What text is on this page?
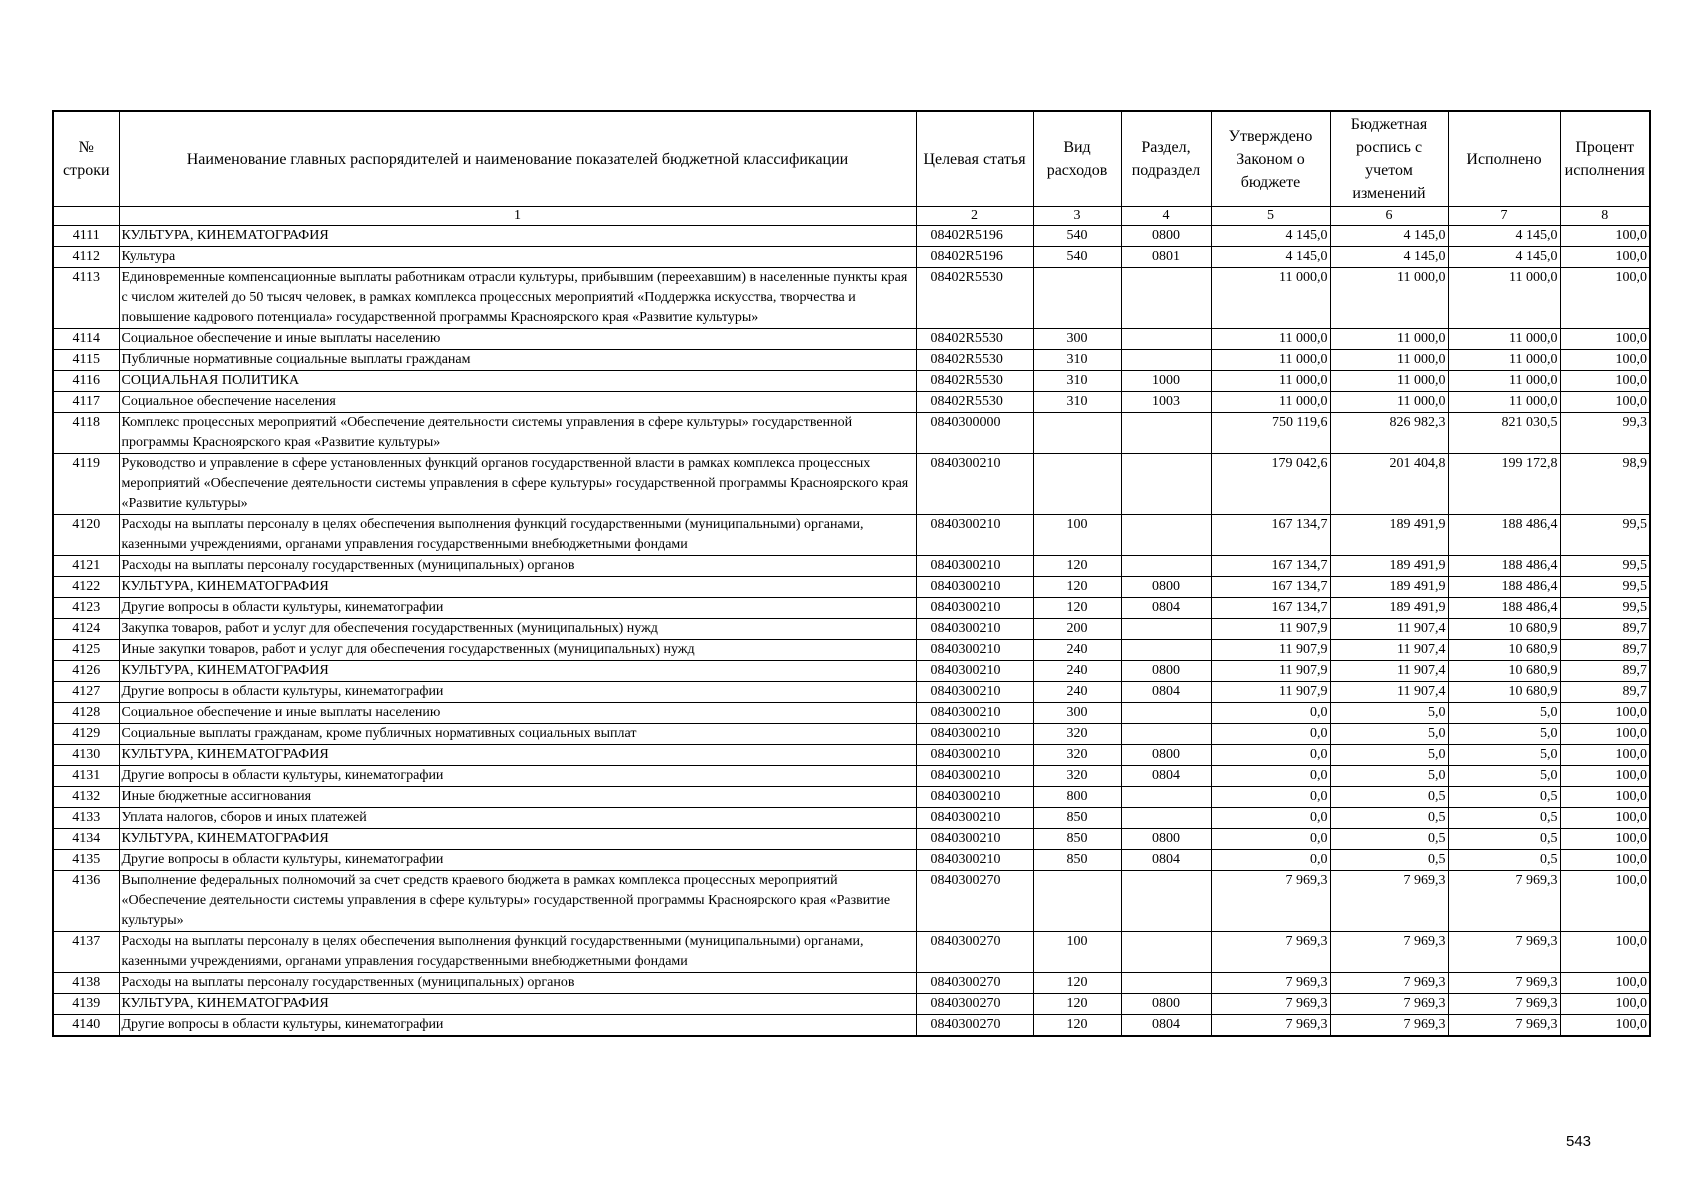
№ строки	Наименование главных распорядителей и наименование показателей бюджетной классификации	Целевая статья	Вид расходов	Раздел, подраздел	Утверждено Законом о бюджете	Бюджетная роспись с учетом изменений	Исполнено	Процент исполнения
	1	2	3	4	5	6	7	8
4111	КУЛЬТУРА, КИНЕМАТОГРАФИЯ	08402R5196	540	0800	4 145,0	4 145,0	4 145,0	100,0
4112	Культура	08402R5196	540	0801	4 145,0	4 145,0	4 145,0	100,0
4113	Единовременные компенсационные выплаты работникам отрасли культуры, прибывшим (переехавшим) в населенные пункты края с числом жителей до 50 тысяч человек, в рамках комплекса процессных мероприятий «Поддержка искусства, творчества и повышение кадрового потенциала» государственной программы Красноярского края «Развитие культуры»	08402R5530			11 000,0	11 000,0	11 000,0	100,0
4114	Социальное обеспечение и иные выплаты населению	08402R5530	300		11 000,0	11 000,0	11 000,0	100,0
4115	Публичные нормативные социальные выплаты гражданам	08402R5530	310		11 000,0	11 000,0	11 000,0	100,0
4116	СОЦИАЛЬНАЯ ПОЛИТИКА	08402R5530	310	1000	11 000,0	11 000,0	11 000,0	100,0
4117	Социальное обеспечение населения	08402R5530	310	1003	11 000,0	11 000,0	11 000,0	100,0
4118	Комплекс процессных мероприятий «Обеспечение деятельности системы управления в сфере культуры» государственной программы Красноярского края «Развитие культуры»	0840300000			750 119,6	826 982,3	821 030,5	99,3
4119	Руководство и управление в сфере установленных функций органов государственной власти в рамках комплекса процессных мероприятий «Обеспечение деятельности системы управления в сфере культуры» государственной программы Красноярского края «Развитие культуры»	0840300210			179 042,6	201 404,8	199 172,8	98,9
4120	Расходы на выплаты персоналу в целях обеспечения выполнения функций государственными (муниципальными) органами, казенными учреждениями, органами управления государственными внебюджетными фондами	0840300210	100		167 134,7	189 491,9	188 486,4	99,5
4121	Расходы на выплаты персоналу государственных (муниципальных) органов	0840300210	120		167 134,7	189 491,9	188 486,4	99,5
4122	КУЛЬТУРА, КИНЕМАТОГРАФИЯ	0840300210	120	0800	167 134,7	189 491,9	188 486,4	99,5
4123	Другие вопросы в области культуры, кинематографии	0840300210	120	0804	167 134,7	189 491,9	188 486,4	99,5
4124	Закупка товаров, работ и услуг для обеспечения государственных (муниципальных) нужд	0840300210	200		11 907,9	11 907,4	10 680,9	89,7
4125	Иные закупки товаров, работ и услуг для обеспечения государственных (муниципальных) нужд	0840300210	240		11 907,9	11 907,4	10 680,9	89,7
4126	КУЛЬТУРА, КИНЕМАТОГРАФИЯ	0840300210	240	0800	11 907,9	11 907,4	10 680,9	89,7
4127	Другие вопросы в области культуры, кинематографии	0840300210	240	0804	11 907,9	11 907,4	10 680,9	89,7
4128	Социальное обеспечение и иные выплаты населению	0840300210	300		0,0	5,0	5,0	100,0
4129	Социальные выплаты гражданам, кроме публичных нормативных социальных выплат	0840300210	320		0,0	5,0	5,0	100,0
4130	КУЛЬТУРА, КИНЕМАТОГРАФИЯ	0840300210	320	0800	0,0	5,0	5,0	100,0
4131	Другие вопросы в области культуры, кинематографии	0840300210	320	0804	0,0	5,0	5,0	100,0
4132	Иные бюджетные ассигнования	0840300210	800		0,0	0,5	0,5	100,0
4133	Уплата налогов, сборов и иных платежей	0840300210	850		0,0	0,5	0,5	100,0
4134	КУЛЬТУРА, КИНЕМАТОГРАФИЯ	0840300210	850	0800	0,0	0,5	0,5	100,0
4135	Другие вопросы в области культуры, кинематографии	0840300210	850	0804	0,0	0,5	0,5	100,0
4136	Выполнение федеральных полномочий за счет средств краевого бюджета в рамках комплекса процессных мероприятий «Обеспечение деятельности системы управления в сфере культуры» государственной программы Красноярского края «Развитие культуры»	0840300270			7 969,3	7 969,3	7 969,3	100,0
4137	Расходы на выплаты персоналу в целях обеспечения выполнения функций государственными (муниципальными) органами, казенными учреждениями, органами управления государственными внебюджетными фондами	0840300270	100		7 969,3	7 969,3	7 969,3	100,0
4138	Расходы на выплаты персоналу государственных (муниципальных) органов	0840300270	120		7 969,3	7 969,3	7 969,3	100,0
4139	КУЛЬТУРА, КИНЕМАТОГРАФИЯ	0840300270	120	0800	7 969,3	7 969,3	7 969,3	100,0
4140	Другие вопросы в области культуры, кинематографии	0840300270	120	0804	7 969,3	7 969,3	7 969,3	100,0
543
